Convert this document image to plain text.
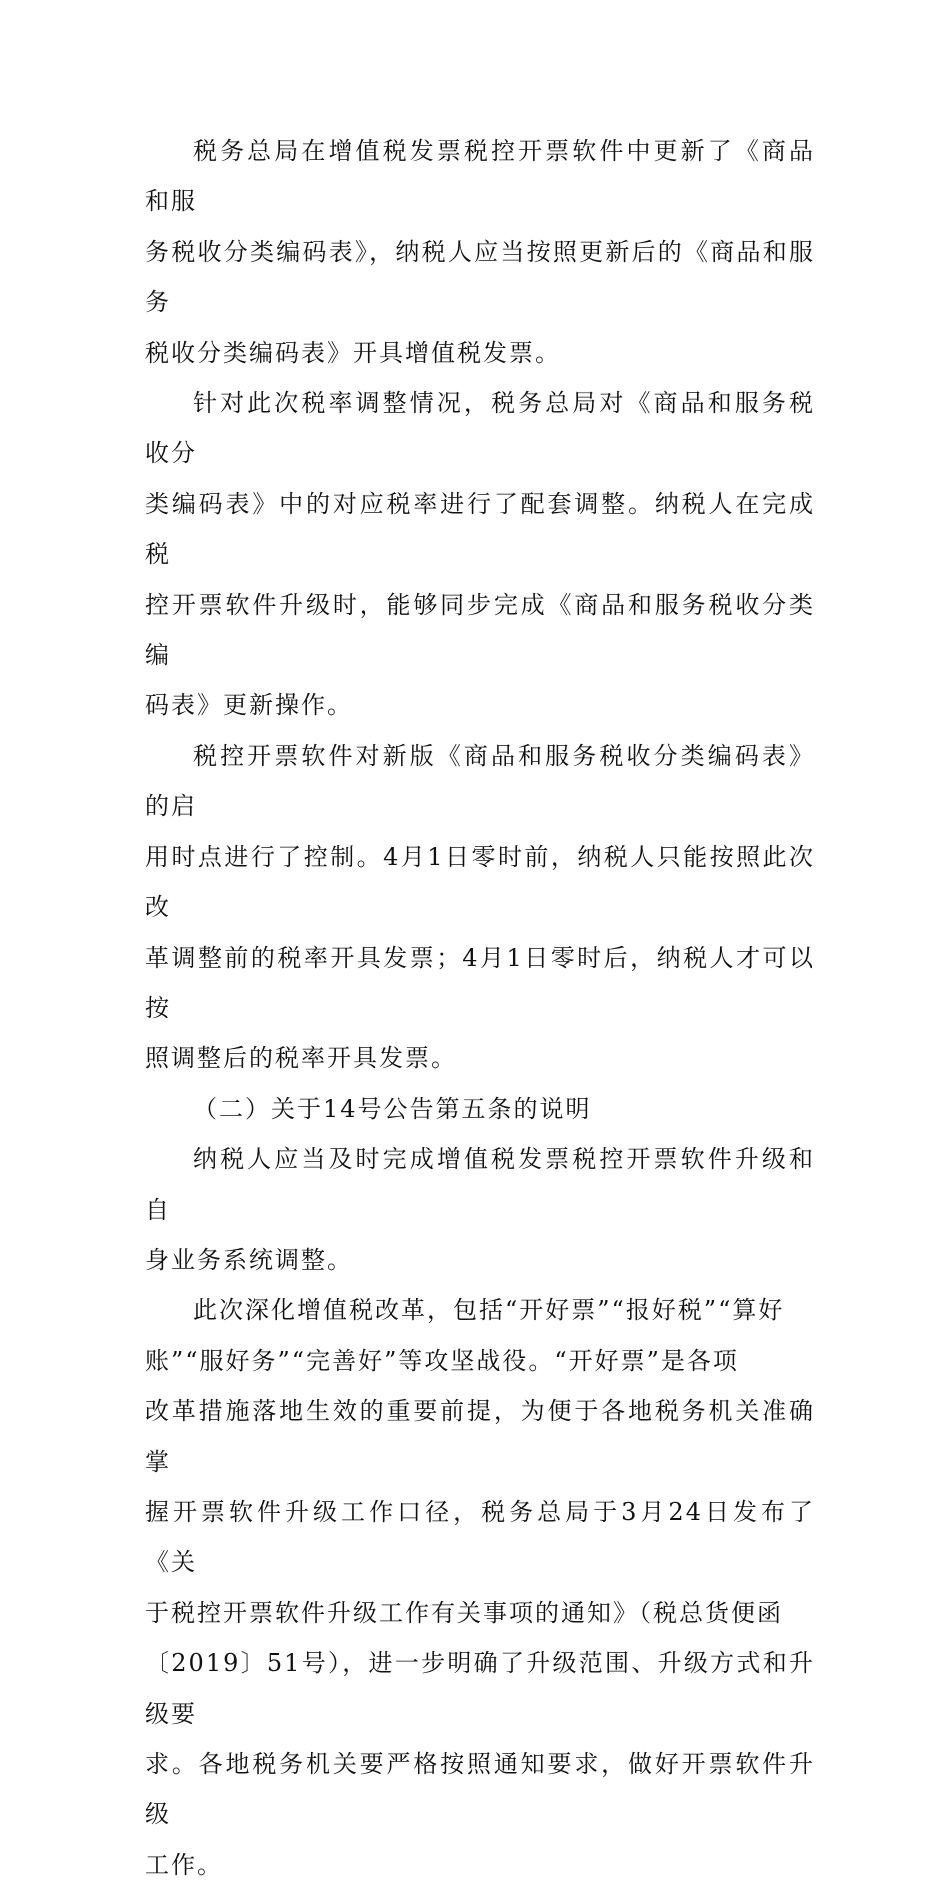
税务总局在增值税发票税控开票软件中更新了《商品和服
务税收分类编码表》，纳税人应当按照更新后的《商品和服务
税收分类编码表》开具增值税发票。

针对此次税率调整情况，税务总局对《商品和服务税收分
类编码表》中的对应税率进行了配套调整。纳税人在完成税
控开票软件升级时，能够同步完成《商品和服务税收分类编
码表》更新操作。

税控开票软件对新版《商品和服务税收分类编码表》的启
用时点进行了控制。4月1日零时前，纳税人只能按照此次改
革调整前的税率开具发票；4月1日零时后，纳税人才可以按
照调整后的税率开具发票。

（二）关于14号公告第五条的说明

纳税人应当及时完成增值税发票税控开票软件升级和自
身业务系统调整。

此次深化增值税改革，包括“开好票”“报好税”“算好
账”“服好务”“完善好”等攻坚战役。“开好票”是各项
改革措施落地生效的重要前提，为便于各地税务机关准确掌
握开票软件升级工作口径，税务总局于3月24日发布了《关
于税控开票软件升级工作有关事项的通知》（税总货便函
〔2019〕51号），进一步明确了升级范围、升级方式和升级要
求。各地税务机关要严格按照通知要求，做好开票软件升级
工作。
